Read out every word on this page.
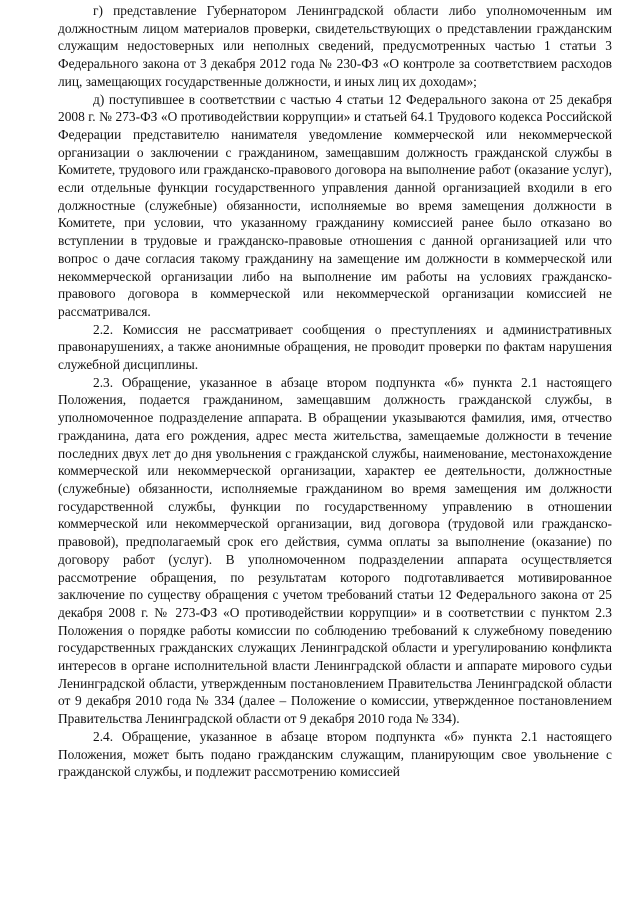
г) представление Губернатором Ленинградской области либо уполномоченным им должностным лицом материалов проверки, свидетельствующих о представлении гражданским служащим недостоверных или неполных сведений, предусмотренных частью 1 статьи 3 Федерального закона от 3 декабря 2012 года № 230-ФЗ «О контроле за соответствием расходов лиц, замещающих государственные должности, и иных лиц их доходам»;

д) поступившее в соответствии с частью 4 статьи 12 Федерального закона от 25 декабря 2008 г. № 273-ФЗ «О противодействии коррупции» и статьей 64.1 Трудового кодекса Российской Федерации представителю нанимателя уведомление коммерческой или некоммерческой организации о заключении с гражданином, замещавшим должность гражданской службы в Комитете, трудового или гражданско-правового договора на выполнение работ (оказание услуг), если отдельные функции государственного управления данной организацией входили в его должностные (служебные) обязанности, исполняемые во время замещения должности в Комитете, при условии, что указанному гражданину комиссией ранее было отказано во вступлении в трудовые и гражданско-правовые отношения с данной организацией или что вопрос о даче согласия такому гражданину на замещение им должности в коммерческой или некоммерческой организации либо на выполнение им работы на условиях гражданско-правового договора в коммерческой или некоммерческой организации комиссией не рассматривался.

2.2. Комиссия не рассматривает сообщения о преступлениях и административных правонарушениях, а также анонимные обращения, не проводит проверки по фактам нарушения служебной дисциплины.

2.3. Обращение, указанное в абзаце втором подпункта «б» пункта 2.1 настоящего Положения, подается гражданином, замещавшим должность гражданской службы, в уполномоченное подразделение аппарата. В обращении указываются фамилия, имя, отчество гражданина, дата его рождения, адрес места жительства, замещаемые должности в течение последних двух лет до дня увольнения с гражданской службы, наименование, местонахождение коммерческой или некоммерческой организации, характер ее деятельности, должностные (служебные) обязанности, исполняемые гражданином во время замещения им должности государственной службы, функции по государственному управлению в отношении коммерческой или некоммерческой организации, вид договора (трудовой или гражданско-правовой), предполагаемый срок его действия, сумма оплаты за выполнение (оказание) по договору работ (услуг). В уполномоченном подразделении аппарата осуществляется рассмотрение обращения, по результатам которого подготавливается мотивированное заключение по существу обращения с учетом требований статьи 12 Федерального закона от 25 декабря 2008 г. № 273-ФЗ «О противодействии коррупции» и в соответствии с пунктом 2.3 Положения о порядке работы комиссии по соблюдению требований к служебному поведению государственных гражданских служащих Ленинградской области и урегулированию конфликта интересов в органе исполнительной власти Ленинградской области и аппарате мирового судьи Ленинградской области, утвержденным постановлением Правительства Ленинградской области от 9 декабря 2010 года № 334 (далее – Положение о комиссии, утвержденное постановлением Правительства Ленинградской области от 9 декабря 2010 года № 334).

2.4. Обращение, указанное в абзаце втором подпункта «б» пункта 2.1 настоящего Положения, может быть подано гражданским служащим, планирующим свое увольнение с гражданской службы, и подлежит рассмотрению комиссией
